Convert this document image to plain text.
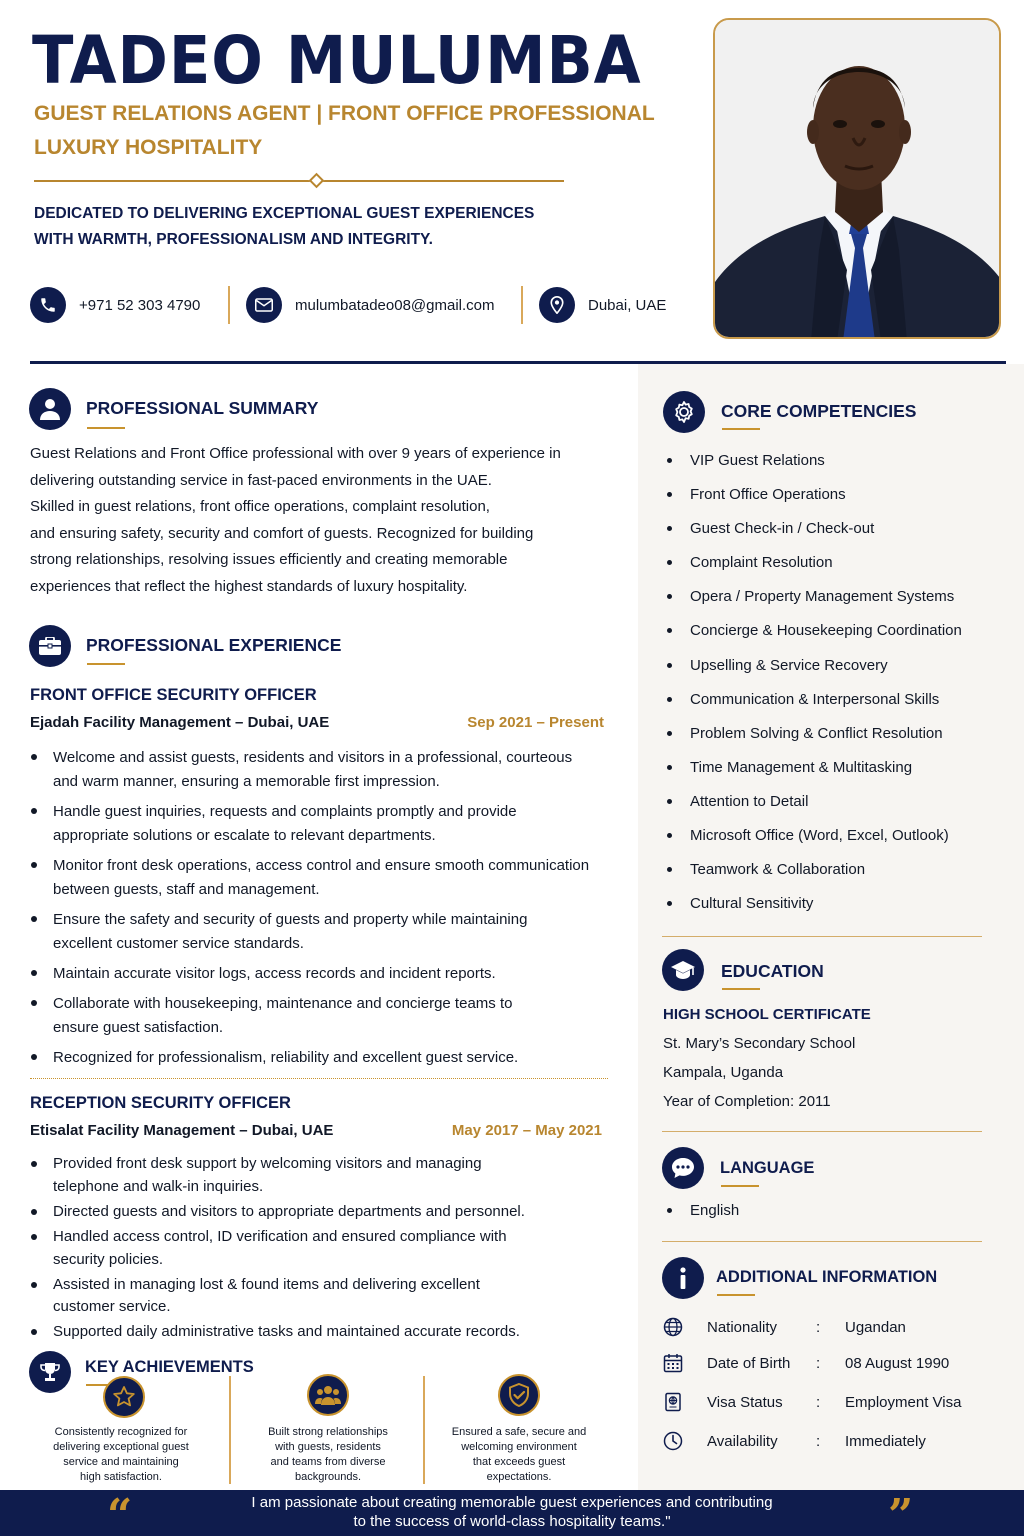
TADEO MULUMBA
GUEST RELATIONS AGENT | FRONT OFFICE PROFESSIONAL
LUXURY HOSPITALITY
DEDICATED TO DELIVERING EXCEPTIONAL GUEST EXPERIENCES
WITH WARMTH, PROFESSIONALISM AND INTEGRITY.
+971 52 303 4790	mulumbatadeo08@gmail.com	Dubai, UAE
PROFESSIONAL SUMMARY
Guest Relations and Front Office professional with over 9 years of experience in
delivering outstanding service in fast-paced environments in the UAE.
Skilled in guest relations, front office operations, complaint resolution,
and ensuring safety, security and comfort of guests. Recognized for building
strong relationships, resolving issues efficiently and creating memorable
experiences that reflect the highest standards of luxury hospitality.
PROFESSIONAL EXPERIENCE
FRONT OFFICE SECURITY OFFICER
Ejadah Facility Management – Dubai, UAE	Sep 2021 – Present
Welcome and assist guests, residents and visitors in a professional, courteous
and warm manner, ensuring a memorable first impression.
Handle guest inquiries, requests and complaints promptly and provide
appropriate solutions or escalate to relevant departments.
Monitor front desk operations, access control and ensure smooth communication
between guests, staff and management.
Ensure the safety and security of guests and property while maintaining
excellent customer service standards.
Maintain accurate visitor logs, access records and incident reports.
Collaborate with housekeeping, maintenance and concierge teams to
ensure guest satisfaction.
Recognized for professionalism, reliability and excellent guest service.
RECEPTION SECURITY OFFICER
Etisalat Facility Management – Dubai, UAE	May 2017 – May 2021
Provided front desk support by welcoming visitors and managing
telephone and walk-in inquiries.
Directed guests and visitors to appropriate departments and personnel.
Handled access control, ID verification and ensured compliance with
security policies.
Assisted in managing lost & found items and delivering excellent
customer service.
Supported daily administrative tasks and maintained accurate records.
KEY ACHIEVEMENTS
Consistently recognized for
delivering exceptional guest
service and maintaining
high satisfaction.
Built strong relationships
with guests, residents
and teams from diverse
backgrounds.
Ensured a safe, secure and
welcoming environment
that exceeds guest
expectations.
CORE COMPETENCIES
VIP Guest Relations
Front Office Operations
Guest Check-in / Check-out
Complaint Resolution
Opera / Property Management Systems
Concierge & Housekeeping Coordination
Upselling & Service Recovery
Communication & Interpersonal Skills
Problem Solving & Conflict Resolution
Time Management & Multitasking
Attention to Detail
Microsoft Office (Word, Excel, Outlook)
Teamwork & Collaboration
Cultural Sensitivity
EDUCATION
HIGH SCHOOL CERTIFICATE
St. Mary’s Secondary School
Kampala, Uganda
Year of Completion: 2011
LANGUAGE
English
ADDITIONAL INFORMATION
Nationality	: Ugandan
Date of Birth : 08 August 1990
Visa Status : Employment Visa
Availability	: Immediately
“	”
I am passionate about creating memorable guest experiences and contributing
to the success of world-class hospitality teams."
